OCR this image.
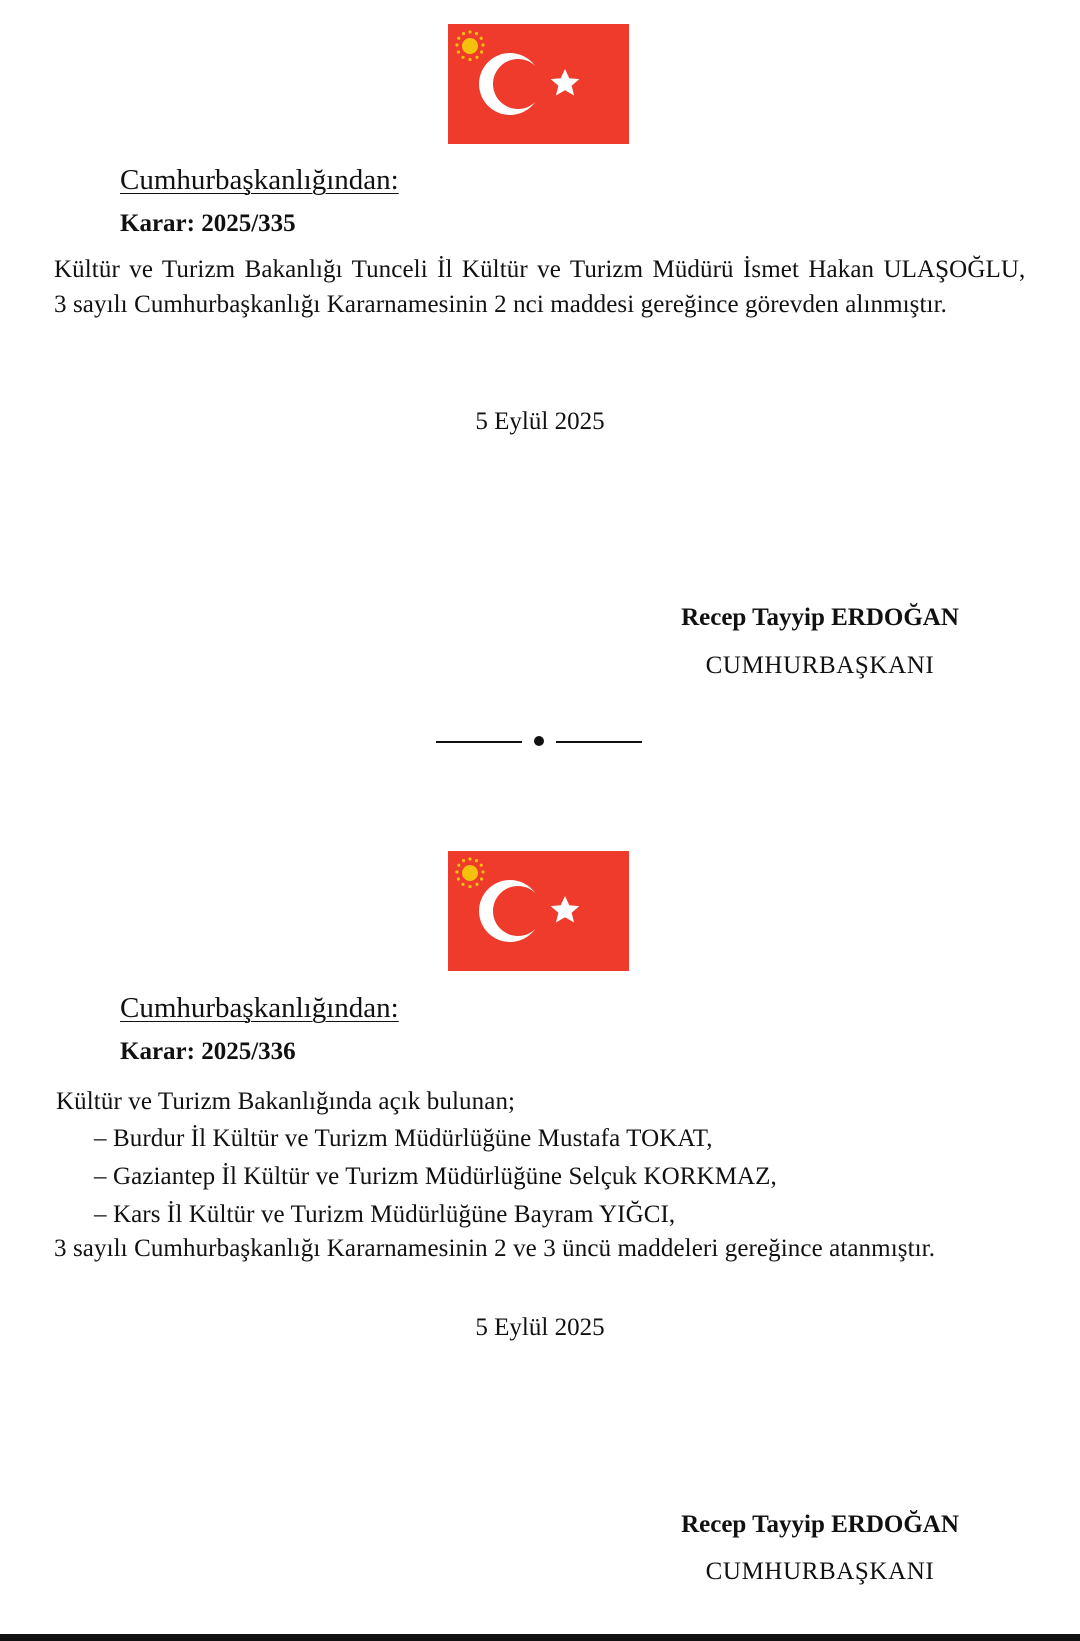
Cumhurbaşkanlığından:

Karar: 2025/335

Kültür ve Turizm Bakanlığı Tunceli İl Kültür ve Turizm Müdürü İsmet Hakan ULAŞOĞLU,

3 sayılı Cumhurbaşkanlığı Kararnamesinin 2 nci maddesi gereğince görevden alınmıştır.

5 Eylül 2025

Recep Tayyip ERDOĞAN

CUMHURBAŞKANI

Cumhurbaşkanlığından:

Karar: 2025/336

Kültür ve Turizm Bakanlığında açık bulunan;

– Burdur İl Kültür ve Turizm Müdürlüğüne Mustafa TOKAT,

– Gaziantep İl Kültür ve Turizm Müdürlüğüne Selçuk KORKMAZ,

– Kars İl Kültür ve Turizm Müdürlüğüne Bayram YIĞCI,

3 sayılı Cumhurbaşkanlığı Kararnamesinin 2 ve 3 üncü maddeleri gereğince atanmıştır.

5 Eylül 2025

Recep Tayyip ERDOĞAN

CUMHURBAŞKANI
